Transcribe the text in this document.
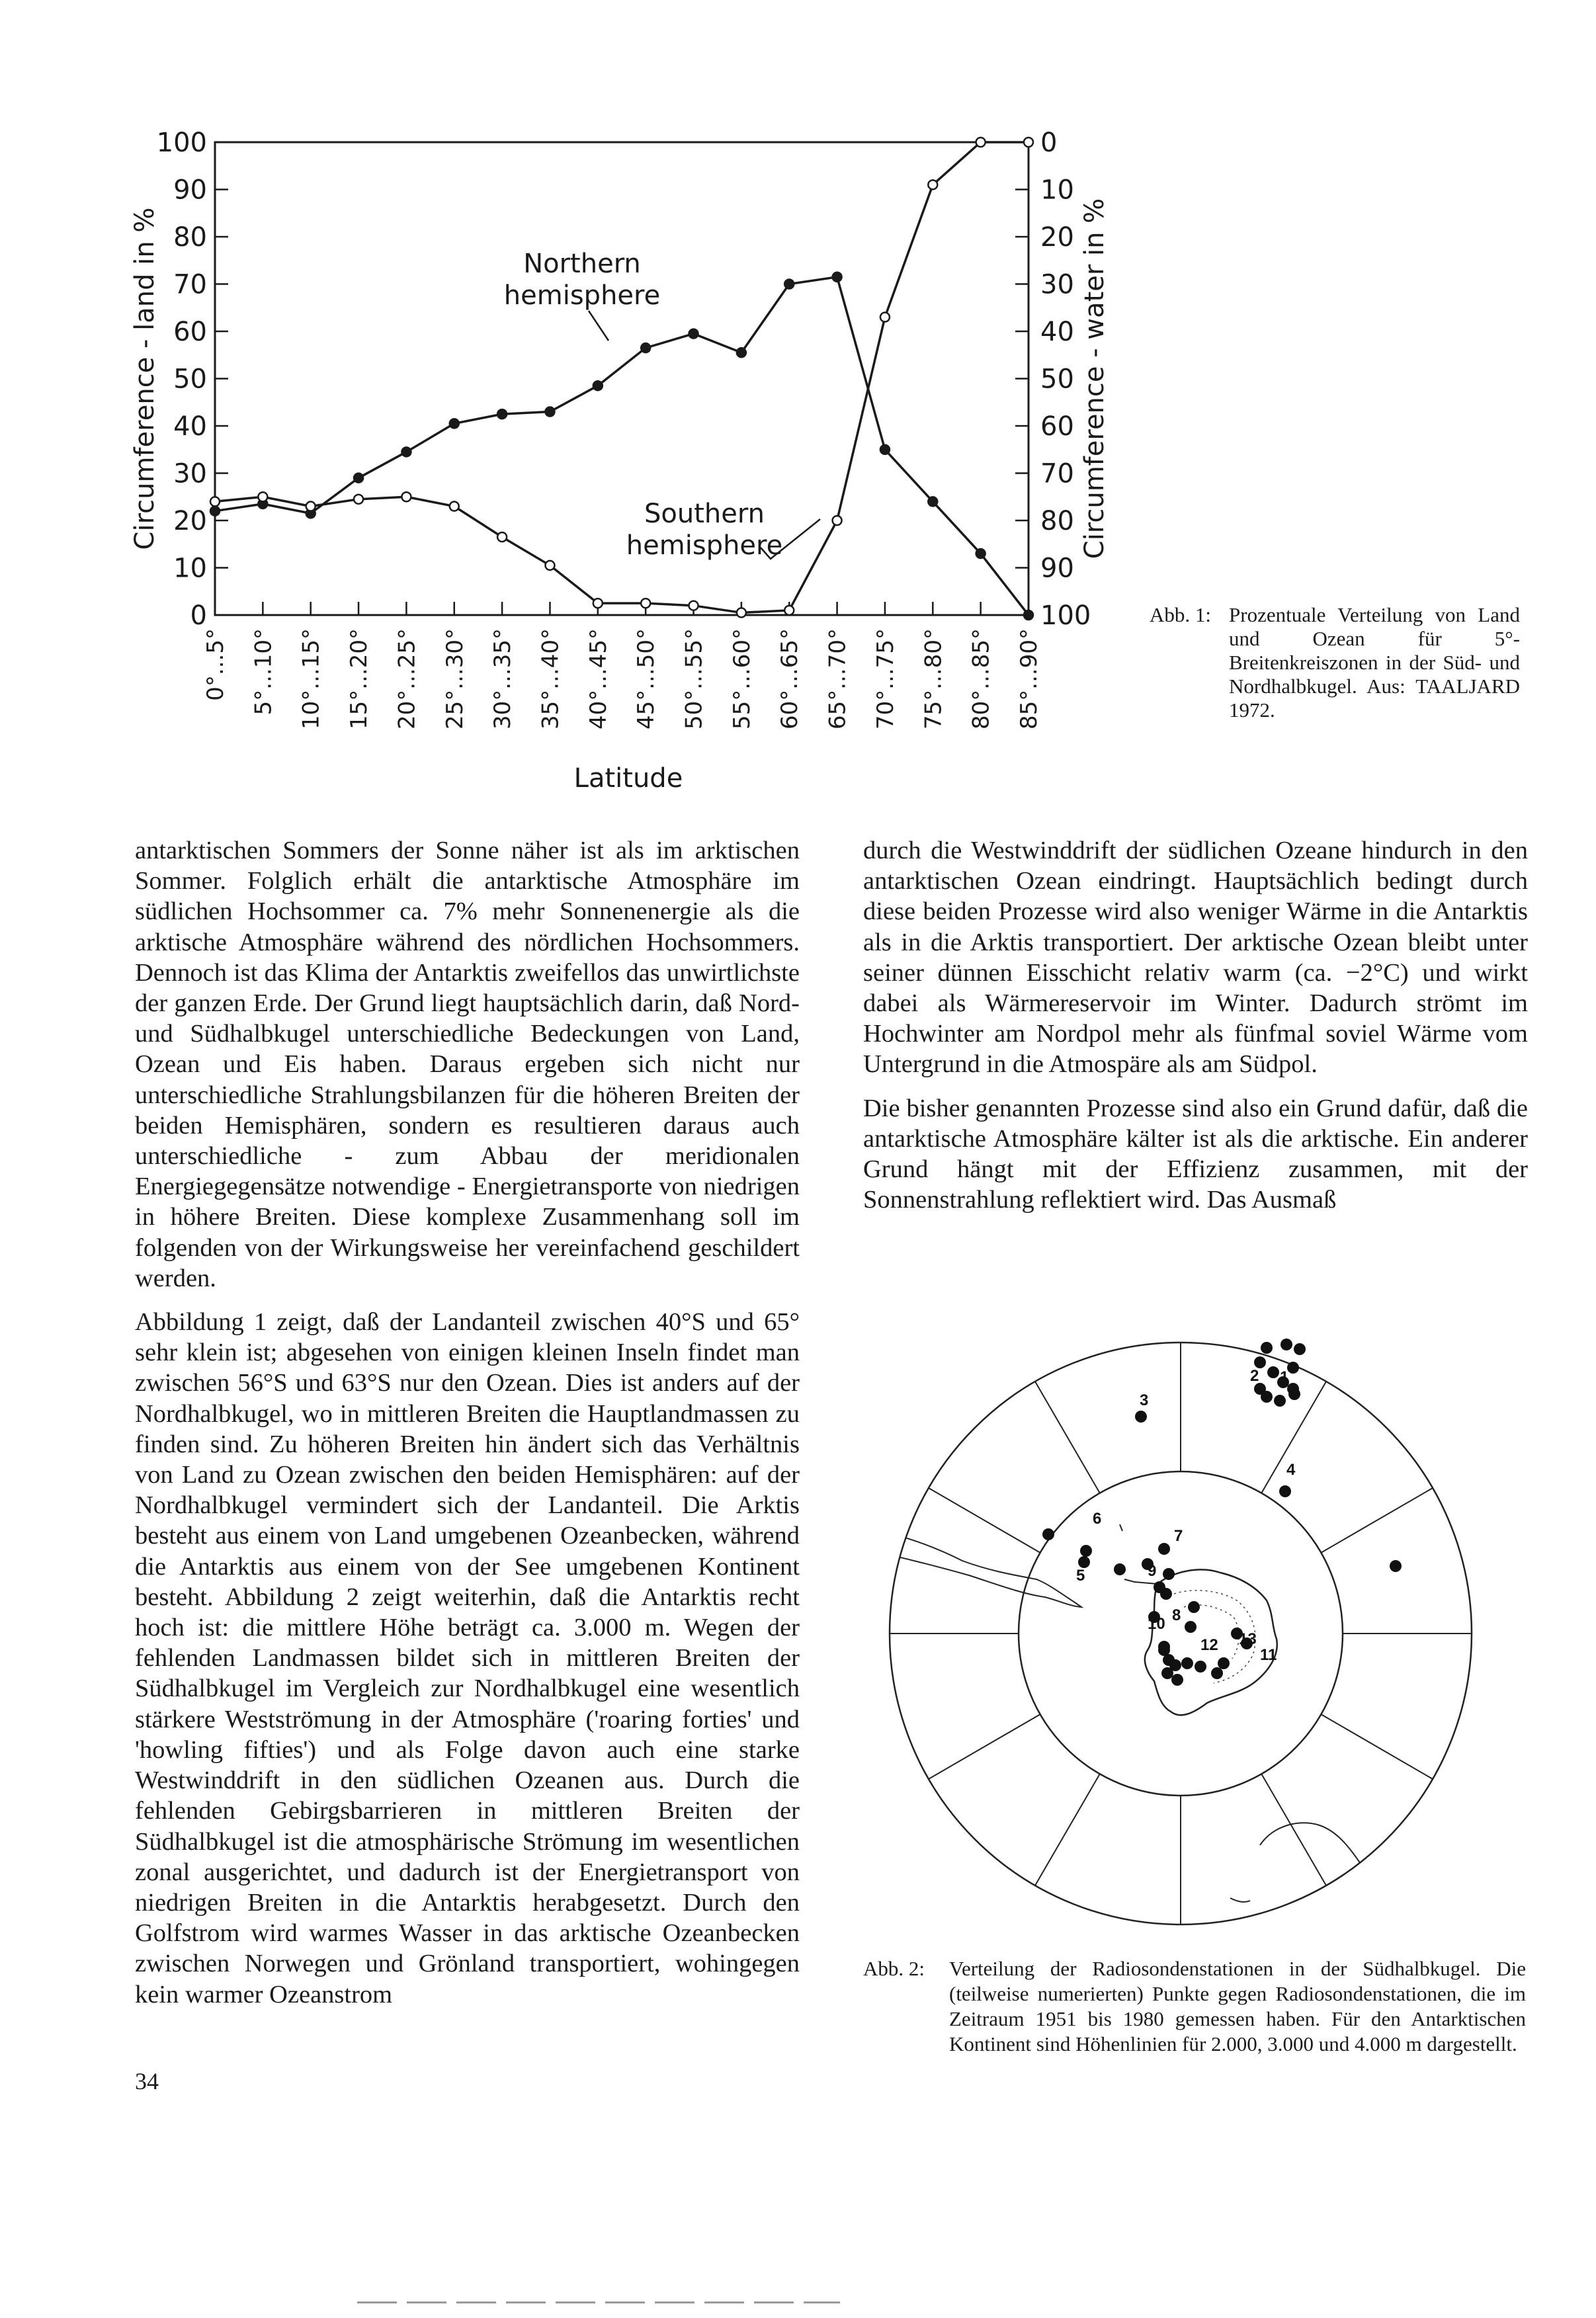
100
90
80
70
60
50
40
30
20
10
0
0
10
20
30
40
50
60
70
80
90
100
0°...5° 5°...10° 10°...15° 15°...20° 20°...25° 25°...30° 30°...35° 35°...40° 40°...45° 45°...50° 50°...55° 55°...60° 60°...65° 65°...70° 70°...75° 75°...80° 80°...85° 85°...90°
Circumference - land in %	Circumference - water in %
Latitude
Northern
hemisphere
Southern
hemisphere
Abb. 1: Prozentuale Verteilung von Land und Ozean für 5°-Breitenkreiszonen in der Süd- und Nordhalbkugel. Aus: TAALJARD 1972.

antarktischen Sommers der Sonne näher ist als im arktischen Sommer. Folglich erhält die antarktische Atmosphäre im südlichen Hochsommer ca. 7% mehr Sonnenenergie als die arktische Atmosphäre während des nördlichen Hochsommers. Dennoch ist das Klima der Antarktis zweifellos das unwirtlichste der ganzen Erde. Der Grund liegt hauptsächlich darin, daß Nord- und Südhalbkugel unterschiedliche Bedeckungen von Land, Ozean und Eis haben. Daraus ergeben sich nicht nur unterschiedliche Strahlungsbilanzen für die höheren Breiten der beiden Hemisphären, sondern es resultieren daraus auch unterschiedliche - zum Abbau der meridionalen Energiegegensätze notwendige - Energietransporte von niedrigen in höhere Breiten. Diese komplexe Zusammenhang soll im folgenden von der Wirkungsweise her vereinfachend geschildert werden.

Abbildung 1 zeigt, daß der Landanteil zwischen 40°S und 65° sehr klein ist; abgesehen von einigen kleinen Inseln findet man zwischen 56°S und 63°S nur den Ozean. Dies ist anders auf der Nordhalbkugel, wo in mittleren Breiten die Hauptlandmassen zu finden sind. Zu höheren Breiten hin ändert sich das Verhältnis von Land zu Ozean zwischen den beiden Hemisphären: auf der Nordhalbkugel vermindert sich der Landanteil. Die Arktis besteht aus einem von Land umgebenen Ozeanbecken, während die Antarktis aus einem von der See umgebenen Kontinent besteht. Abbildung 2 zeigt weiterhin, daß die Antarktis recht hoch ist: die mittlere Höhe beträgt ca. 3.000 m. Wegen der fehlenden Landmassen bildet sich in mittleren Breiten der Südhalbkugel im Vergleich zur Nordhalbkugel eine wesentlich stärkere Westströmung in der Atmosphäre ('roaring forties' und 'howling fifties') und als Folge davon auch eine starke Westwinddrift in den südlichen Ozeanen aus. Durch die fehlenden Gebirgsbarrieren in mittleren Breiten der Südhalbkugel ist die atmosphärische Strömung im wesentlichen zonal ausgerichtet, und dadurch ist der Energietransport von niedrigen Breiten in die Antarktis herabgesetzt. Durch den Golfstrom wird warmes Wasser in das arktische Ozeanbecken zwischen Norwegen und Grönland transportiert, wohingegen kein warmer Ozeanstrom

durch die Westwinddrift der südlichen Ozeane hindurch in den antarktischen Ozean eindringt. Hauptsächlich bedingt durch diese beiden Prozesse wird also weniger Wärme in die Antarktis als in die Arktis transportiert. Der arktische Ozean bleibt unter seiner dünnen Eisschicht relativ warm (ca. −2°C) und wirkt dabei als Wärmereservoir im Winter. Dadurch strömt im Hochwinter am Nordpol mehr als fünfmal soviel Wärme vom Untergrund in die Atmospäre als am Südpol.

Die bisher genannten Prozesse sind also ein Grund dafür, daß die antarktische Atmosphäre kälter ist als die arktische. Ein anderer Grund hängt mit der Effizienz zusammen, mit der Sonnenstrahlung reflektiert wird. Das Ausmaß

1
2
3
4
5
6
7
8
9
10
11
12 13
Abb. 2: Verteilung der Radiosondenstationen in der Südhalbkugel. Die (teilweise numerierten) Punkte gegen Radiosondenstationen, die im Zeitraum 1951 bis 1980 gemessen haben. Für den Antarktischen Kontinent sind Höhenlinien für 2.000, 3.000 und 4.000 m dargestellt.
34
